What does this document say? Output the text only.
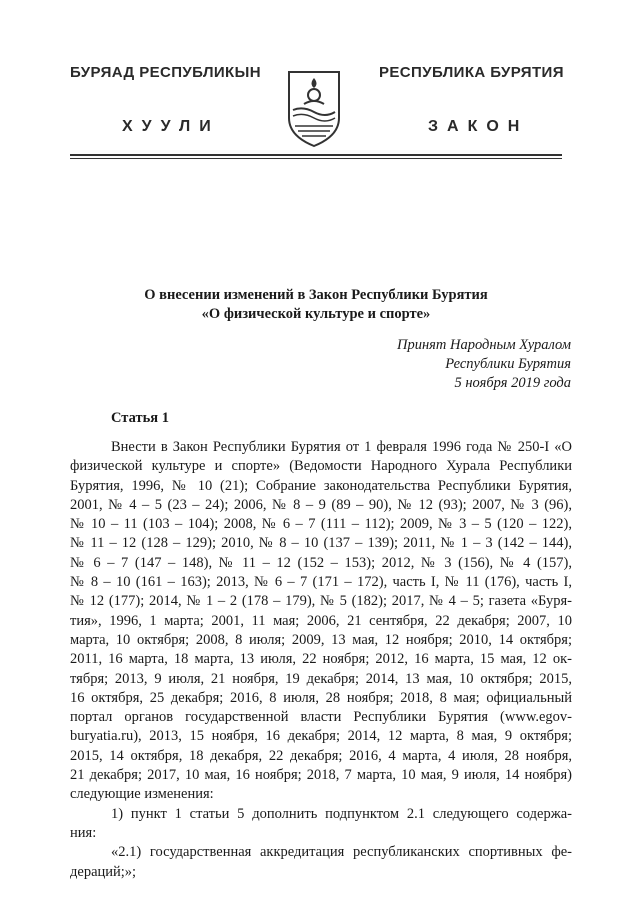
БУРЯАД РЕСПУБЛИКЫН
ХУУЛИ
РЕСПУБЛИКА БУРЯТИЯ
ЗАКОН
О внесении изменений в Закон Республики Бурятия
«О физической культуре и спорте»
Принят Народным Хуралом
Республики Бурятия
5 ноября 2019 года
Статья 1
Внести в Закон Республики Бурятия от 1 февраля 1996 года № 250-I «О
физической культуре и спорте» (Ведомости Народного Хурала Республики
Бурятия, 1996, № 10 (21); Собрание законодательства Республики Бурятия,
2001, № 4 – 5 (23 – 24); 2006, № 8 – 9 (89 – 90), № 12 (93); 2007, № 3 (96),
№ 10 – 11 (103 – 104); 2008, № 6 – 7 (111 – 112); 2009, № 3 – 5 (120 – 122),
№ 11 – 12 (128 – 129); 2010, № 8 – 10 (137 – 139); 2011, № 1 – 3 (142 – 144),
№ 6 – 7 (147 – 148), № 11 – 12 (152 – 153); 2012, № 3 (156), № 4 (157),
№ 8 – 10 (161 – 163); 2013, № 6 – 7 (171 – 172), часть I, № 11 (176), часть I,
№ 12 (177); 2014, № 1 – 2 (178 – 179), № 5 (182); 2017, № 4 – 5; газета «Буря-
тия», 1996, 1 марта; 2001, 11 мая; 2006, 21 сентября, 22 декабря; 2007, 10
марта, 10 октября; 2008, 8 июля; 2009, 13 мая, 12 ноября; 2010, 14 октября;
2011, 16 марта, 18 марта, 13 июля, 22 ноября; 2012, 16 марта, 15 мая, 12 ок-
тября; 2013, 9 июля, 21 ноября, 19 декабря; 2014, 13 мая, 10 октября; 2015,
16 октября, 25 декабря; 2016, 8 июля, 28 ноября; 2018, 8 мая; официальный
портал органов государственной власти Республики Бурятия (www.egov-
buryatia.ru), 2013, 15 ноября, 16 декабря; 2014, 12 марта, 8 мая, 9 октября;
2015, 14 октября, 18 декабря, 22 декабря; 2016, 4 марта, 4 июля, 28 ноября,
21 декабря; 2017, 10 мая, 16 ноября; 2018, 7 марта, 10 мая, 9 июля, 14 ноября)
следующие изменения:
1) пункт 1 статьи 5 дополнить подпунктом 2.1 следующего содержа-
ния:
«2.1) государственная аккредитация республиканских спортивных фе-
дераций;»;
